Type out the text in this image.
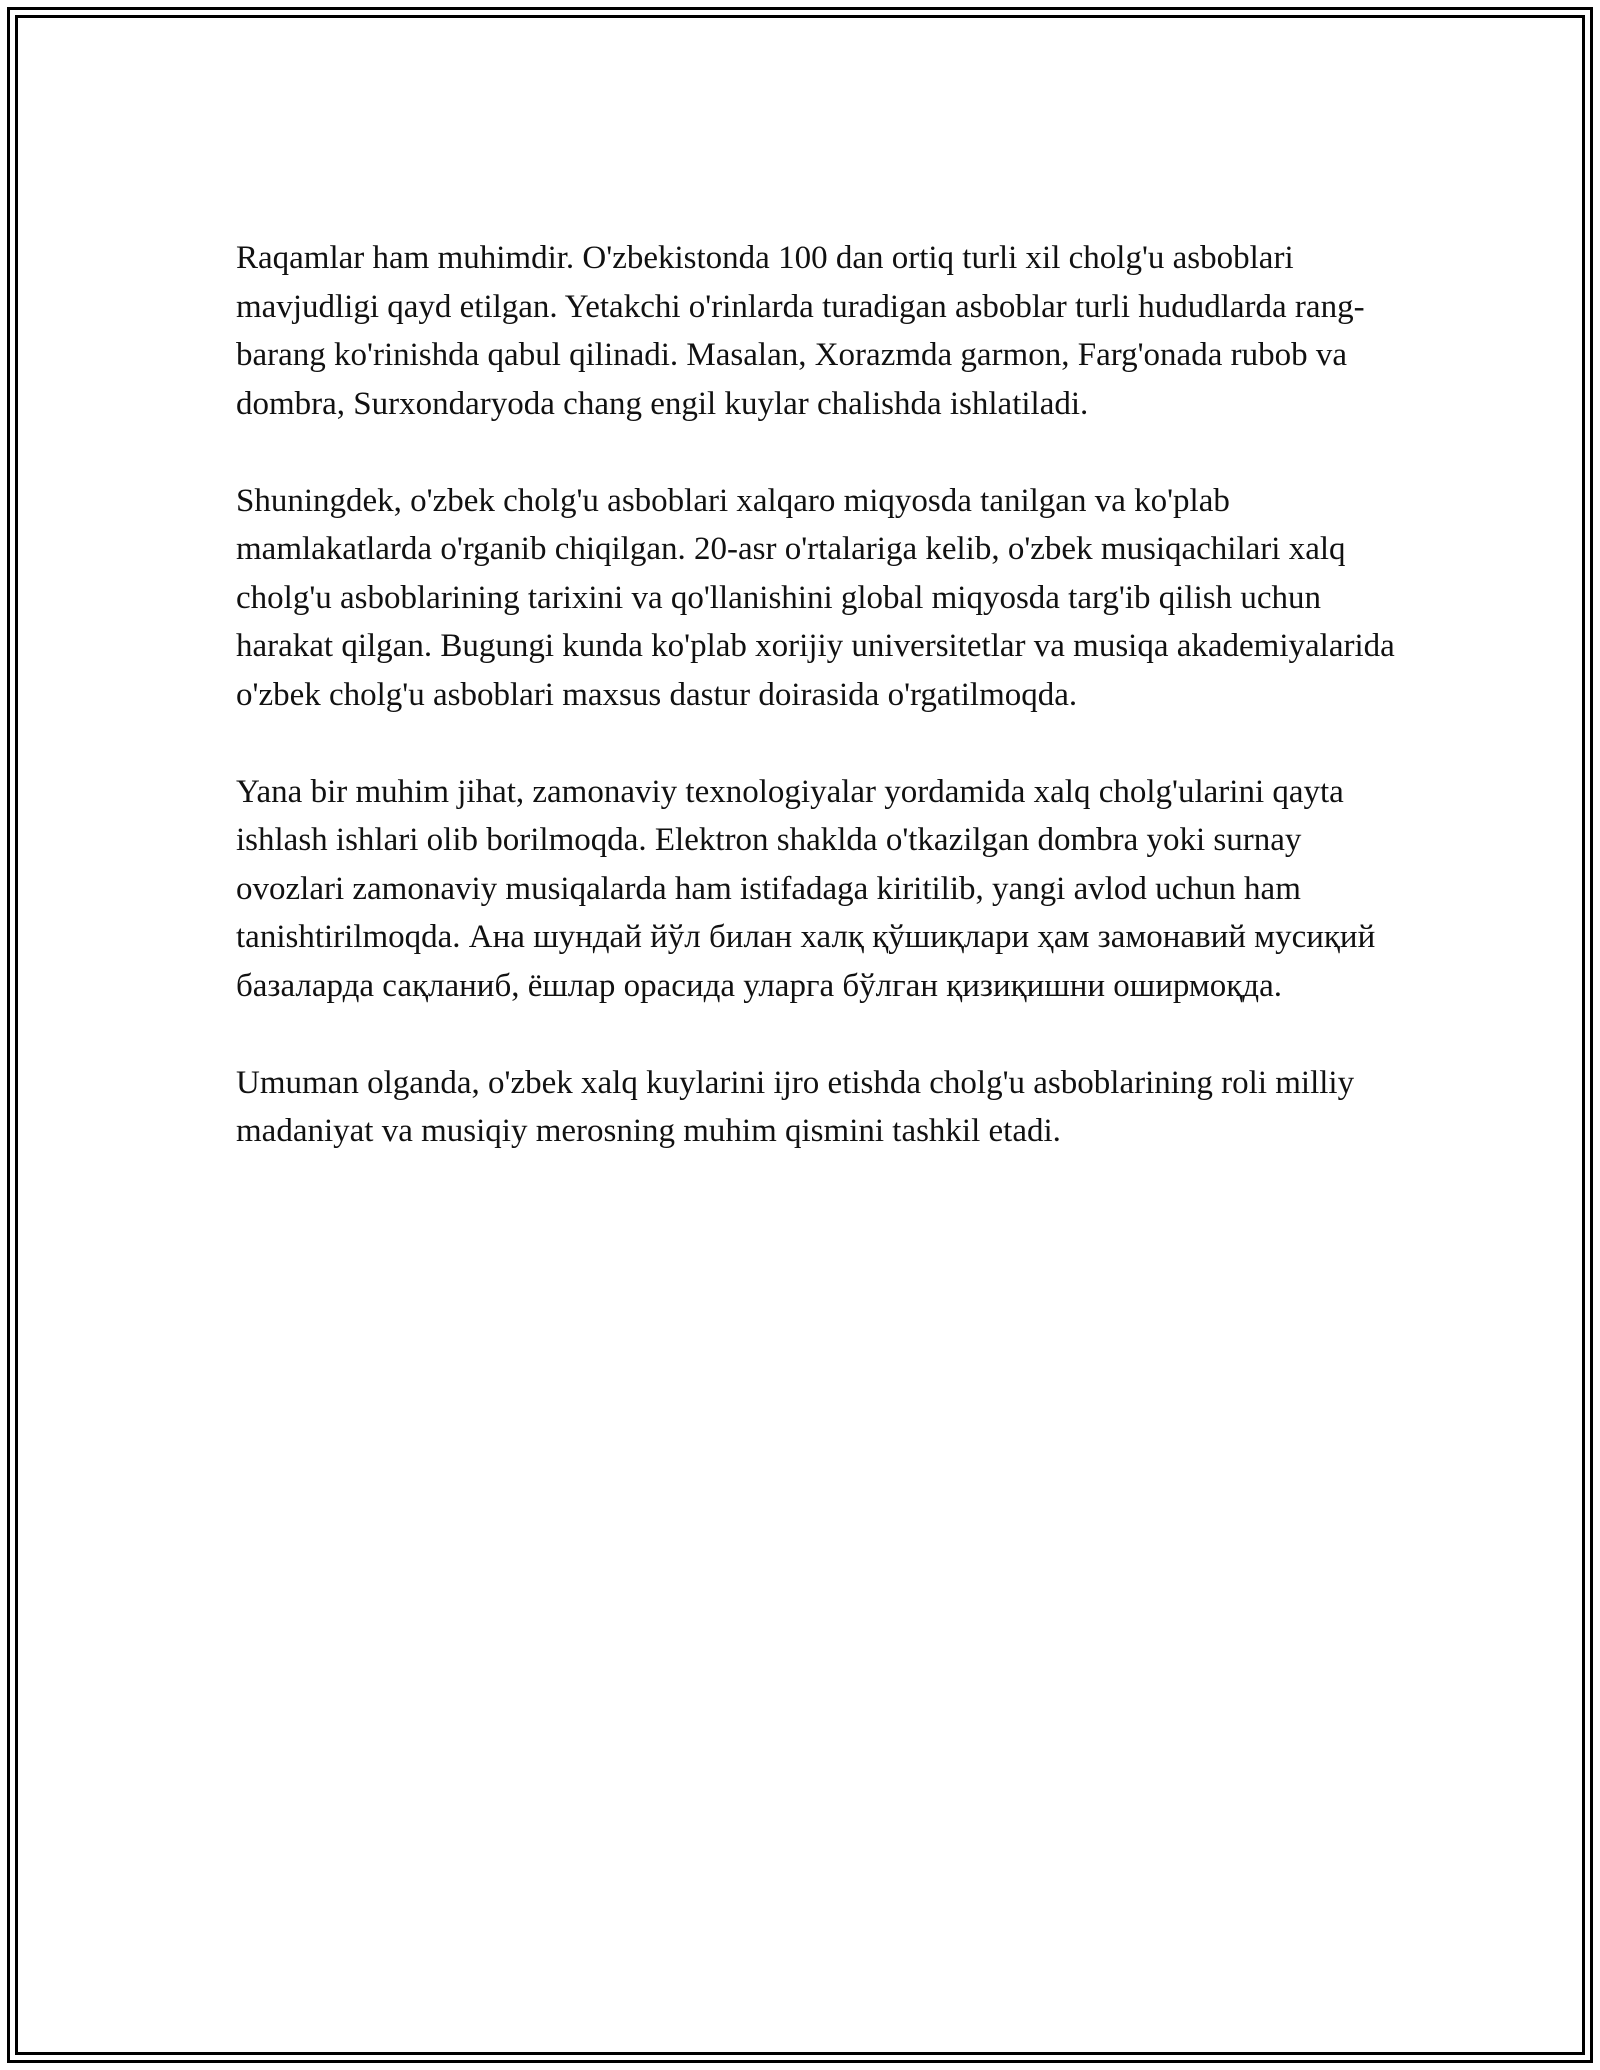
Raqamlar ham muhimdir. O'zbekistonda 100 dan ortiq turli xil cholg'u asboblari mavjudligi qayd etilgan. Yetakchi o'rinlarda turadigan asboblar turli hududlarda rang-barang ko'rinishda qabul qilinadi. Masalan, Xorazmda garmon, Farg'onada rubob va dombra, Surxondaryoda chang engil kuylar chalishda ishlatiladi.

Shuningdek, o'zbek cholg'u asboblari xalqaro miqyosda tanilgan va ko'plab mamlakatlarda o'rganib chiqilgan. 20-asr o'rtalariga kelib, o'zbek musiqachilari xalq cholg'u asboblarining tarixini va qo'llanishini global miqyosda targ'ib qilish uchun harakat qilgan. Bugungi kunda ko'plab xorijiy universitetlar va musiqa akademiyalarida o'zbek cholg'u asboblari maxsus dastur doirasida o'rgatilmoqda.

Yana bir muhim jihat, zamonaviy texnologiyalar yordamida xalq cholg'ularini qayta ishlash ishlari olib borilmoqda. Elektron shaklda o'tkazilgan dombra yoki surnay ovozlari zamonaviy musiqalarda ham istifadaga kiritilib, yangi avlod uchun ham tanishtirilmoqda. Ана шундай йўл билан халқ қўшиқлари ҳам замонавий мусиқий базаларда сақланиб, ёшлар орасида уларга бўлган қизиқишни оширмоқда.

Umuman olganda, o'zbek xalq kuylarini ijro etishda cholg'u asboblarining roli milliy madaniyat va musiqiy merosning muhim qismini tashkil etadi.
